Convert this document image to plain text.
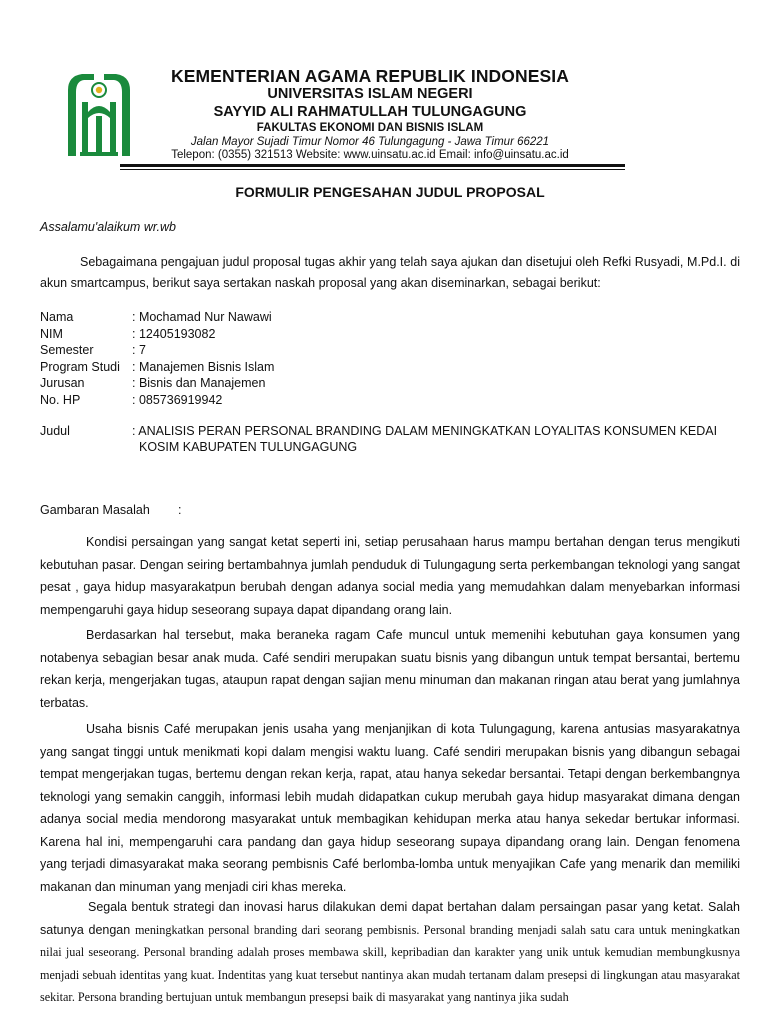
KEMENTERIAN AGAMA REPUBLIK INDONESIA
UNIVERSITAS ISLAM NEGERI
SAYYID ALI RAHMATULLAH TULUNGAGUNG
FAKULTAS EKONOMI DAN BISNIS ISLAM
Jalan Mayor Sujadi Timur Nomor 46 Tulungagung - Jawa Timur 66221
Telepon: (0355) 321513 Website: www.uinsatu.ac.id Email: info@uinsatu.ac.id
FORMULIR PENGESAHAN JUDUL PROPOSAL
Assalamu'alaikum wr.wb
Sebagaimana pengajuan judul proposal tugas akhir yang telah saya ajukan dan disetujui oleh Refki Rusyadi, M.Pd.I. di akun smartcampus, berikut saya sertakan naskah proposal yang akan diseminarkan, sebagai berikut:
Nama	: Mochamad Nur Nawawi
NIM	: 12405193082
Semester	: 7
Program Studi : Manajemen Bisnis Islam
Jurusan	: Bisnis dan Manajemen
No. HP	: 085736919942
Judul	: ANALISIS PERAN PERSONAL BRANDING DALAM MENINGKATKAN LOYALITAS KONSUMEN KEDAI
KOSIM KABUPATEN TULUNGAGUNG
Gambaran Masalah :
Kondisi persaingan yang sangat ketat seperti ini, setiap perusahaan harus mampu bertahan dengan terus mengikuti kebutuhan pasar. Dengan seiring bertambahnya jumlah penduduk di Tulungagung serta perkembangan teknologi yang sangat pesat , gaya hidup masyarakatpun berubah dengan adanya social media yang memudahkan dalam menyebarkan informasi mempengaruhi gaya hidup seseorang supaya dapat dipandang orang lain.
Berdasarkan hal tersebut, maka beraneka ragam Cafe muncul untuk memenihi kebutuhan gaya konsumen yang notabenya sebagian besar anak muda. Café sendiri merupakan suatu bisnis yang dibangun untuk tempat bersantai, bertemu rekan kerja, mengerjakan tugas, ataupun rapat dengan sajian menu minuman dan makanan ringan atau berat yang jumlahnya terbatas.
Usaha bisnis Café merupakan jenis usaha yang menjanjikan di kota Tulungagung, karena antusias masyarakatnya yang sangat tinggi untuk menikmati kopi dalam mengisi waktu luang. Café sendiri merupakan bisnis yang dibangun sebagai tempat mengerjakan tugas, bertemu dengan rekan kerja, rapat, atau hanya sekedar bersantai. Tetapi dengan berkembangnya teknologi yang semakin canggih, informasi lebih mudah didapatkan cukup merubah gaya hidup masyarakat dimana dengan adanya social media mendorong masyarakat untuk membagikan kehidupan merka atau hanya sekedar bertukar informasi. Karena hal ini, mempengaruhi cara pandang dan gaya hidup seseorang supaya dipandang orang lain. Dengan fenomena yang terjadi dimasyarakat maka seorang pembisnis Café berlomba-lomba untuk menyajikan Cafe yang menarik dan memiliki makanan dan minuman yang menjadi ciri khas mereka.
Segala bentuk strategi dan inovasi harus dilakukan demi dapat bertahan dalam persaingan pasar yang ketat. Salah satunya dengan meningkatkan personal branding dari seorang pembisnis. Personal branding menjadi salah satu cara untuk meningkatkan nilai jual seseorang. Personal branding adalah proses membawa skill, kepribadian dan karakter yang unik untuk kemudian membungkusnya menjadi sebuah identitas yang kuat. Indentitas yang kuat tersebut nantinya akan mudah tertanam dalam presepsi di lingkungan atau masyarakat sekitar. Persona branding bertujuan untuk membangun presepsi baik di masyarakat yang nantinya jika sudah
